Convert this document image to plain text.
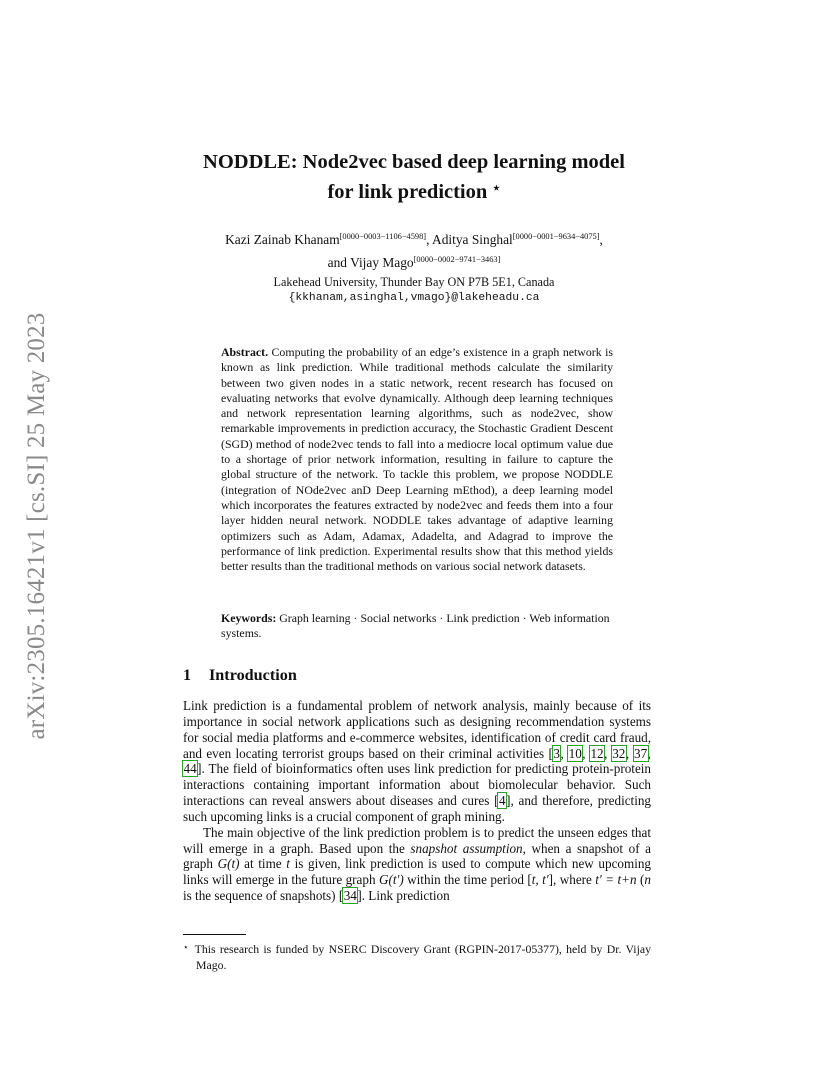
arXiv:2305.16421v1 [cs.SI] 25 May 2023
NODDLE: Node2vec based deep learning model
for link prediction ⋆
Kazi Zainab Khanam[0000−0003−1106−4598], Aditya Singhal[0000−0001−9634−4075],
and Vijay Mago[0000−0002−9741−3463]
Lakehead University, Thunder Bay ON P7B 5E1, Canada
{kkhanam,asinghal,vmago}@lakeheadu.ca

Abstract. Computing the probability of an edge’s existence in a graph network is known as link prediction. While traditional methods calculate the similarity between two given nodes in a static network, recent research has focused on evaluating networks that evolve dynamically. Although deep learning techniques and network representation learning algorithms, such as node2vec, show remarkable improvements in prediction accuracy, the Stochastic Gradient Descent (SGD) method of node2vec tends to fall into a mediocre local optimum value due to a shortage of prior network information, resulting in failure to capture the global structure of the network. To tackle this problem, we propose NODDLE (integration of NOde2vec anD Deep Learning mEthod), a deep learning model which incorporates the features extracted by node2vec and feeds them into a four layer hidden neural network. NODDLE takes advantage of adaptive learning optimizers such as Adam, Adamax, Adadelta, and Adagrad to improve the performance of link prediction. Experimental results show that this method yields better results than the traditional methods on various social network datasets.

Keywords: Graph learning · Social networks · Link prediction · Web information systems.
1 Introduction

Link prediction is a fundamental problem of network analysis, mainly because of its importance in social network applications such as designing recommendation systems for social media platforms and e-commerce websites, identification of credit card fraud, and even locating terrorist groups based on their criminal activities [3, 10, 12, 32, 37, 44]. The field of bioinformatics often uses link prediction for predicting protein-protein interactions containing important information about biomolecular behavior. Such interactions can reveal answers about diseases and cures [4], and therefore, predicting such upcoming links is a crucial component of graph mining.

The main objective of the link prediction problem is to predict the unseen edges that will emerge in a graph. Based upon the snapshot assumption, when a snapshot of a graph G(t) at time t is given, link prediction is used to compute which new upcoming links will emerge in the future graph G(t′) within the time period [t, t′], where t′ = t+n (n is the sequence of snapshots) [34]. Link prediction

⋆ This research is funded by NSERC Discovery Grant (RGPIN-2017-05377), held by Dr. Vijay Mago.
